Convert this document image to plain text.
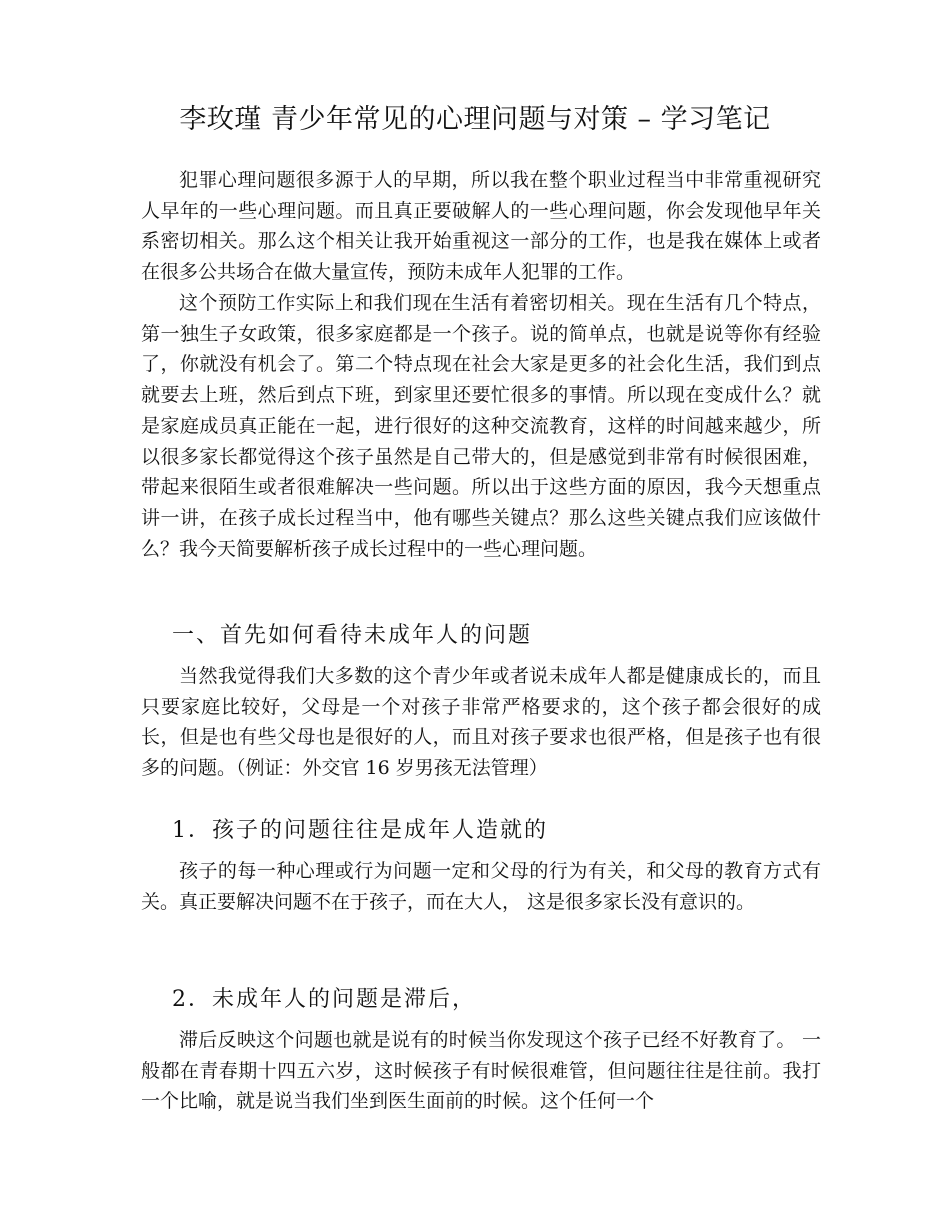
李玫瑾 青少年常见的心理问题与对策 – 学习笔记
犯罪心理问题很多源于人的早期，所以我在整个职业过程当中非常重视研究人早年的一些心理问题。而且真正要破解人的一些心理问题，你会发现他早年关系密切相关。那么这个相关让我开始重视这一部分的工作，也是我在媒体上或者在很多公共场合在做大量宣传，预防未成年人犯罪的工作。
这个预防工作实际上和我们现在生活有着密切相关。现在生活有几个特点，第一独生子女政策，很多家庭都是一个孩子。说的简单点，也就是说等你有经验了，你就没有机会了。第二个特点现在社会大家是更多的社会化生活，我们到点就要去上班，然后到点下班，到家里还要忙很多的事情。所以现在变成什么？就是家庭成员真正能在一起，进行很好的这种交流教育，这样的时间越来越少，所以很多家长都觉得这个孩子虽然是自己带大的，但是感觉到非常有时候很困难，带起来很陌生或者很难解决一些问题。所以出于这些方面的原因，我今天想重点讲一讲，在孩子成长过程当中，他有哪些关键点？那么这些关键点我们应该做什么？我今天简要解析孩子成长过程中的一些心理问题。
一、首先如何看待未成年人的问题
当然我觉得我们大多数的这个青少年或者说未成年人都是健康成长的，而且只要家庭比较好，父母是一个对孩子非常严格要求的，这个孩子都会很好的成长，但是也有些父母也是很好的人，而且对孩子要求也很严格，但是孩子也有很多的问题。（例证：外交官 16 岁男孩无法管理）
1．孩子的问题往往是成年人造就的
孩子的每一种心理或行为问题一定和父母的行为有关，和父母的教育方式有关。真正要解决问题不在于孩子，而在大人， 这是很多家长没有意识的。
2．未成年人的问题是滞后，
滞后反映这个问题也就是说有的时候当你发现这个孩子已经不好教育了。 一般都在青春期十四五六岁，这时候孩子有时候很难管，但问题往往是往前。我打一个比喻，就是说当我们坐到医生面前的时候。这个任何一个
